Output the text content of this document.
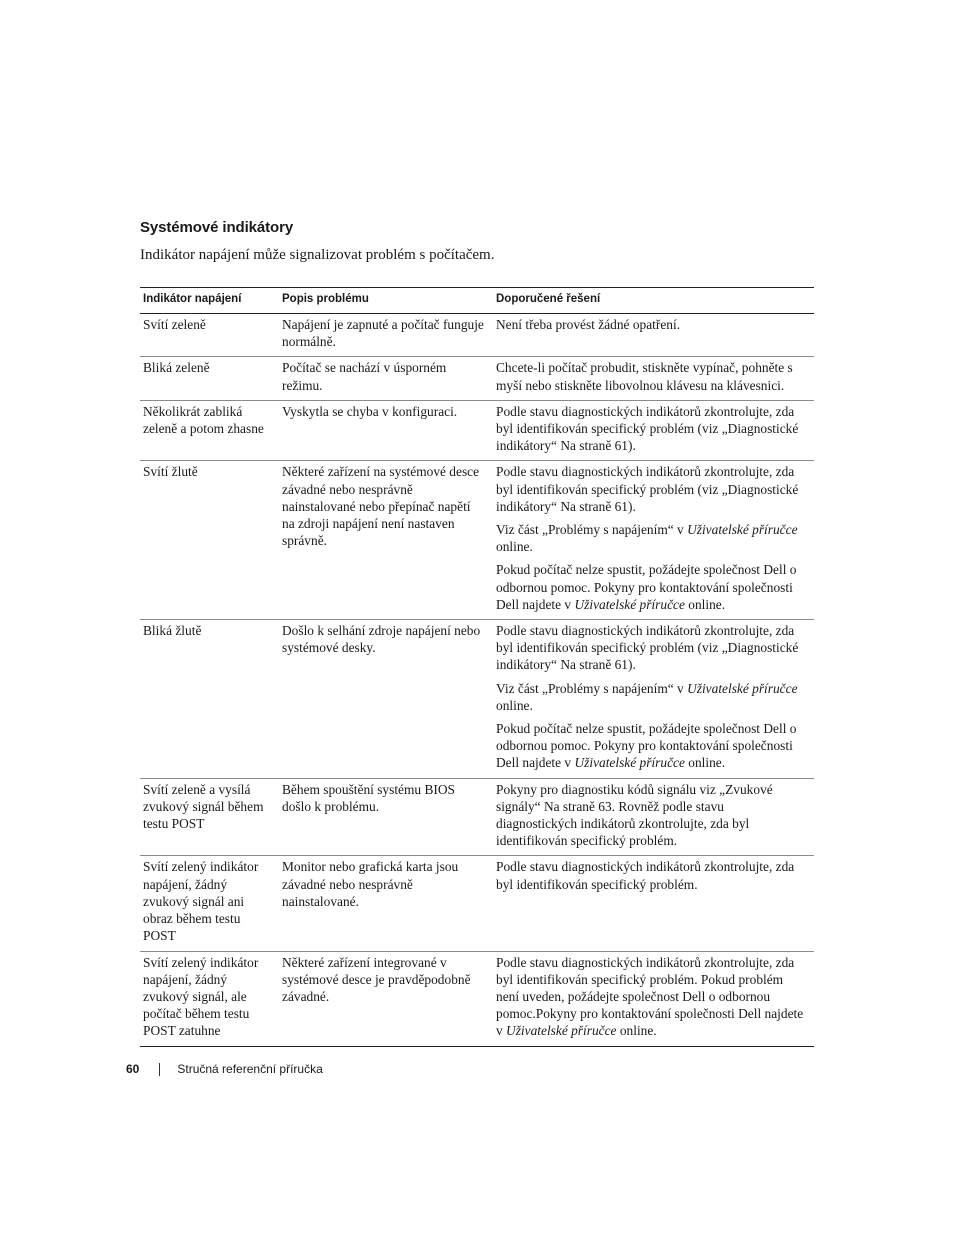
Systémové indikátory

Indikátor napájení může signalizovat problém s počítačem.

Indikátor napájení	Popis problému	Doporučené řešení
Svítí zeleně	Napájení je zapnuté a počítač funguje normálně.	Není třeba provést žádné opatření.

Bliká zeleně	Počítač se nachází v úsporném režimu.	Chcete-li počítač probudit, stiskněte vypínač, pohněte s myší nebo stiskněte libovolnou klávesu na klávesnici.

Několikrát zabliká zeleně a potom zhasne	Vyskytla se chyba v konfiguraci.	Podle stavu diagnostických indikátorů zkontrolujte, zda byl identifikován specifický problém (viz „Diagnostické indikátory“ Na straně 61).

Svítí žlutě	Některé zařízení na systémové desce závadné nebo nesprávně nainstalované nebo přepínač napětí na zdroji napájení není nastaven správně.	Podle stavu diagnostických indikátorů zkontrolujte, zda byl identifikován specifický problém (viz „Diagnostické indikátory“ Na straně 61).

Viz část „Problémy s napájením“ v Uživatelské příručce online.

Pokud počítač nelze spustit, požádejte společnost Dell o odbornou pomoc. Pokyny pro kontaktování společnosti Dell najdete v Uživatelské příručce online.

Bliká žlutě	Došlo k selhání zdroje napájení nebo systémové desky.	Podle stavu diagnostických indikátorů zkontrolujte, zda byl identifikován specifický problém (viz „Diagnostické indikátory“ Na straně 61).

Viz část „Problémy s napájením“ v Uživatelské příručce online.

Pokud počítač nelze spustit, požádejte společnost Dell o odbornou pomoc. Pokyny pro kontaktování společnosti Dell najdete v Uživatelské příručce online.

Svítí zeleně a vysílá zvukový signál během testu POST	Během spouštění systému BIOS došlo k problému.	Pokyny pro diagnostiku kódů signálu viz „Zvukové signály“ Na straně 63. Rovněž podle stavu diagnostických indikátorů zkontrolujte, zda byl identifikován specifický problém.

Svítí zelený indikátor napájení, žádný zvukový signál ani obraz během testu POST	Monitor nebo grafická karta jsou závadné nebo nesprávně nainstalované.	Podle stavu diagnostických indikátorů zkontrolujte, zda byl identifikován specifický problém.

Svítí zelený indikátor napájení, žádný zvukový signál, ale počítač během testu POST zatuhne	Některé zařízení integrované v systémové desce je pravděpodobně závadné.	Podle stavu diagnostických indikátorů zkontrolujte, zda byl identifikován specifický problém. Pokud problém není uveden, požádejte společnost Dell o odbornou pomoc.Pokyny pro kontaktování společnosti Dell najdete v Uživatelské příručce online.

60	Stručná referenční příručka
